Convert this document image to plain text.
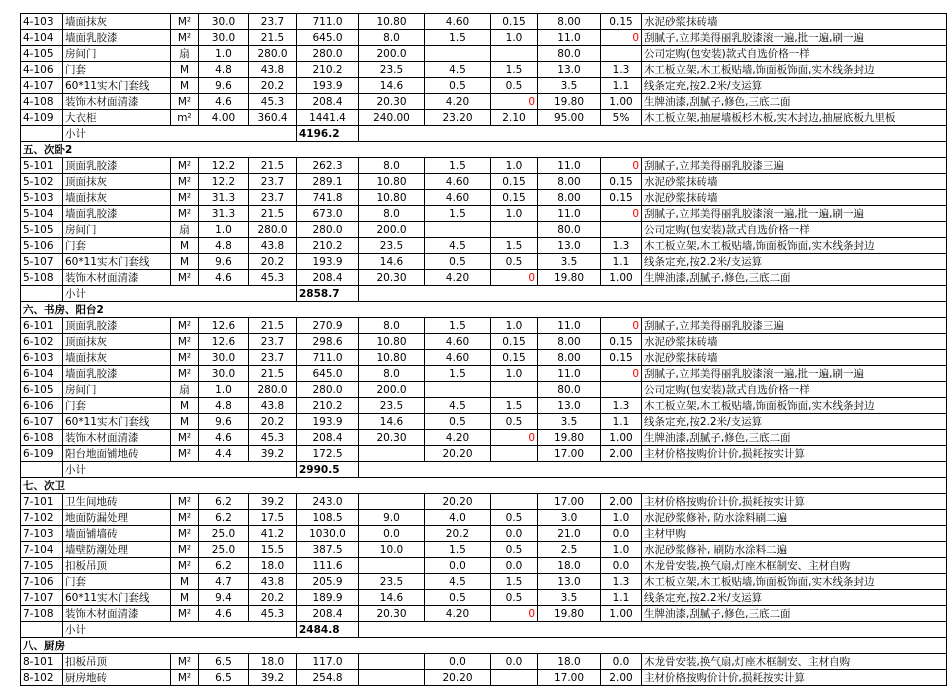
4-103	墙面抹灰	M²	30.0	23.7	711.0	10.80	4.60	0.15	8.00	0.15	水泥砂浆抹砖墙
4-104	墙面乳胶漆	M²	30.0	21.5	645.0	8.0	1.5	1.0	11.0	0	刮腻子,立邦美得丽乳胶漆滚一遍,批一遍,刷一遍
4-105	房间门	扇	1.0	280.0	280.0	200.0			80.0		公司定购(包安装)款式自选价格一样
4-106	门套	M	4.8	43.8	210.2	23.5	4.5	1.5	13.0	1.3	木工板立架,木工板贴墙,饰面板饰面,实木线条封边
4-107	60*11实木门套线	M	9.6	20.2	193.9	14.6	0.5	0.5	3.5	1.1	线条定充,按2.2米/支运算
4-108	装饰木材面清漆	M²	4.6	45.3	208.4	20.30	4.20	0	19.80	1.00	生牌油漆,刮腻子,修色,三底二面
4-109	大衣柜	m²	4.00	360.4	1441.4	240.00	23.20	2.10	95.00	5%	木工板立架,抽屉墙板杉木板,实木封边,抽屉底板九里板
	小计				4196.2						
五、次卧2											
5-101	顶面乳胶漆	M²	12.2	21.5	262.3	8.0	1.5	1.0	11.0	0	刮腻子,立邦美得丽乳胶漆三遍
5-102	顶面抹灰	M²	12.2	23.7	289.1	10.80	4.60	0.15	8.00	0.15	水泥砂浆抹砖墙
5-103	墙面抹灰	M²	31.3	23.7	741.8	10.80	4.60	0.15	8.00	0.15	水泥砂浆抹砖墙
5-104	墙面乳胶漆	M²	31.3	21.5	673.0	8.0	1.5	1.0	11.0	0	刮腻子,立邦美得丽乳胶漆滚一遍,批一遍,刷一遍
5-105	房间门	扇	1.0	280.0	280.0	200.0			80.0		公司定购(包安装)款式自选价格一样
5-106	门套	M	4.8	43.8	210.2	23.5	4.5	1.5	13.0	1.3	木工板立架,木工板贴墙,饰面板饰面,实木线条封边
5-107	60*11实木门套线	M	9.6	20.2	193.9	14.6	0.5	0.5	3.5	1.1	线条定充,按2.2米/支运算
5-108	装饰木材面清漆	M²	4.6	45.3	208.4	20.30	4.20	0	19.80	1.00	生牌油漆,刮腻子,修色,三底二面
	小计				2858.7						
六、书房、阳台2											
6-101	顶面乳胶漆	M²	12.6	21.5	270.9	8.0	1.5	1.0	11.0	0	刮腻子,立邦美得丽乳胶漆三遍
6-102	顶面抹灰	M²	12.6	23.7	298.6	10.80	4.60	0.15	8.00	0.15	水泥砂浆抹砖墙
6-103	墙面抹灰	M²	30.0	23.7	711.0	10.80	4.60	0.15	8.00	0.15	水泥砂浆抹砖墙
6-104	墙面乳胶漆	M²	30.0	21.5	645.0	8.0	1.5	1.0	11.0	0	刮腻子,立邦美得丽乳胶漆滚一遍,批一遍,刷一遍
6-105	房间门	扇	1.0	280.0	280.0	200.0			80.0		公司定购(包安装)款式自选价格一样
6-106	门套	M	4.8	43.8	210.2	23.5	4.5	1.5	13.0	1.3	木工板立架,木工板贴墙,饰面板饰面,实木线条封边
6-107	60*11实木门套线	M	9.6	20.2	193.9	14.6	0.5	0.5	3.5	1.1	线条定充,按2.2米/支运算
6-108	装饰木材面清漆	M²	4.6	45.3	208.4	20.30	4.20	0	19.80	1.00	生牌油漆,刮腻子,修色,三底二面
6-109	阳台地面铺地砖	M²	4.4	39.2	172.5		20.20		17.00	2.00	主材价格按购价计价,损耗按实计算
	小计				2990.5						
七、次卫											
7-101	卫生间地砖	M²	6.2	39.2	243.0		20.20		17.00	2.00	主材价格按购价计价,损耗按实计算
7-102	地面防漏处理	M²	6.2	17.5	108.5	9.0	4.0	0.5	3.0	1.0	水泥砂浆修补, 防水涂料刷二遍
7-103	墙面铺墙砖	M²	25.0	41.2	1030.0	0.0	20.2	0.0	21.0	0.0	主材甲购
7-104	墙壁防潮处理	M²	25.0	15.5	387.5	10.0	1.5	0.5	2.5	1.0	水泥砂浆修补, 刷防水涂料二遍
7-105	扣板吊顶	M²	6.2	18.0	111.6		0.0	0.0	18.0	0.0	木龙骨安装,换气扇,灯座木框制安、主材自购
7-106	门套	M	4.7	43.8	205.9	23.5	4.5	1.5	13.0	1.3	木工板立架,木工板贴墙,饰面板饰面,实木线条封边
7-107	60*11实木门套线	M	9.4	20.2	189.9	14.6	0.5	0.5	3.5	1.1	线条定充,按2.2米/支运算
7-108	装饰木材面清漆	M²	4.6	45.3	208.4	20.30	4.20	0	19.80	1.00	生牌油漆,刮腻子,修色,三底二面
	小计				2484.8						
八、厨房											
8-101	扣板吊顶	M²	6.5	18.0	117.0		0.0	0.0	18.0	0.0	木龙骨安装,换气扇,灯座木框制安、主材自购
8-102	厨房地砖	M²	6.5	39.2	254.8		20.20		17.00	2.00	主材价格按购价计价,损耗按实计算
